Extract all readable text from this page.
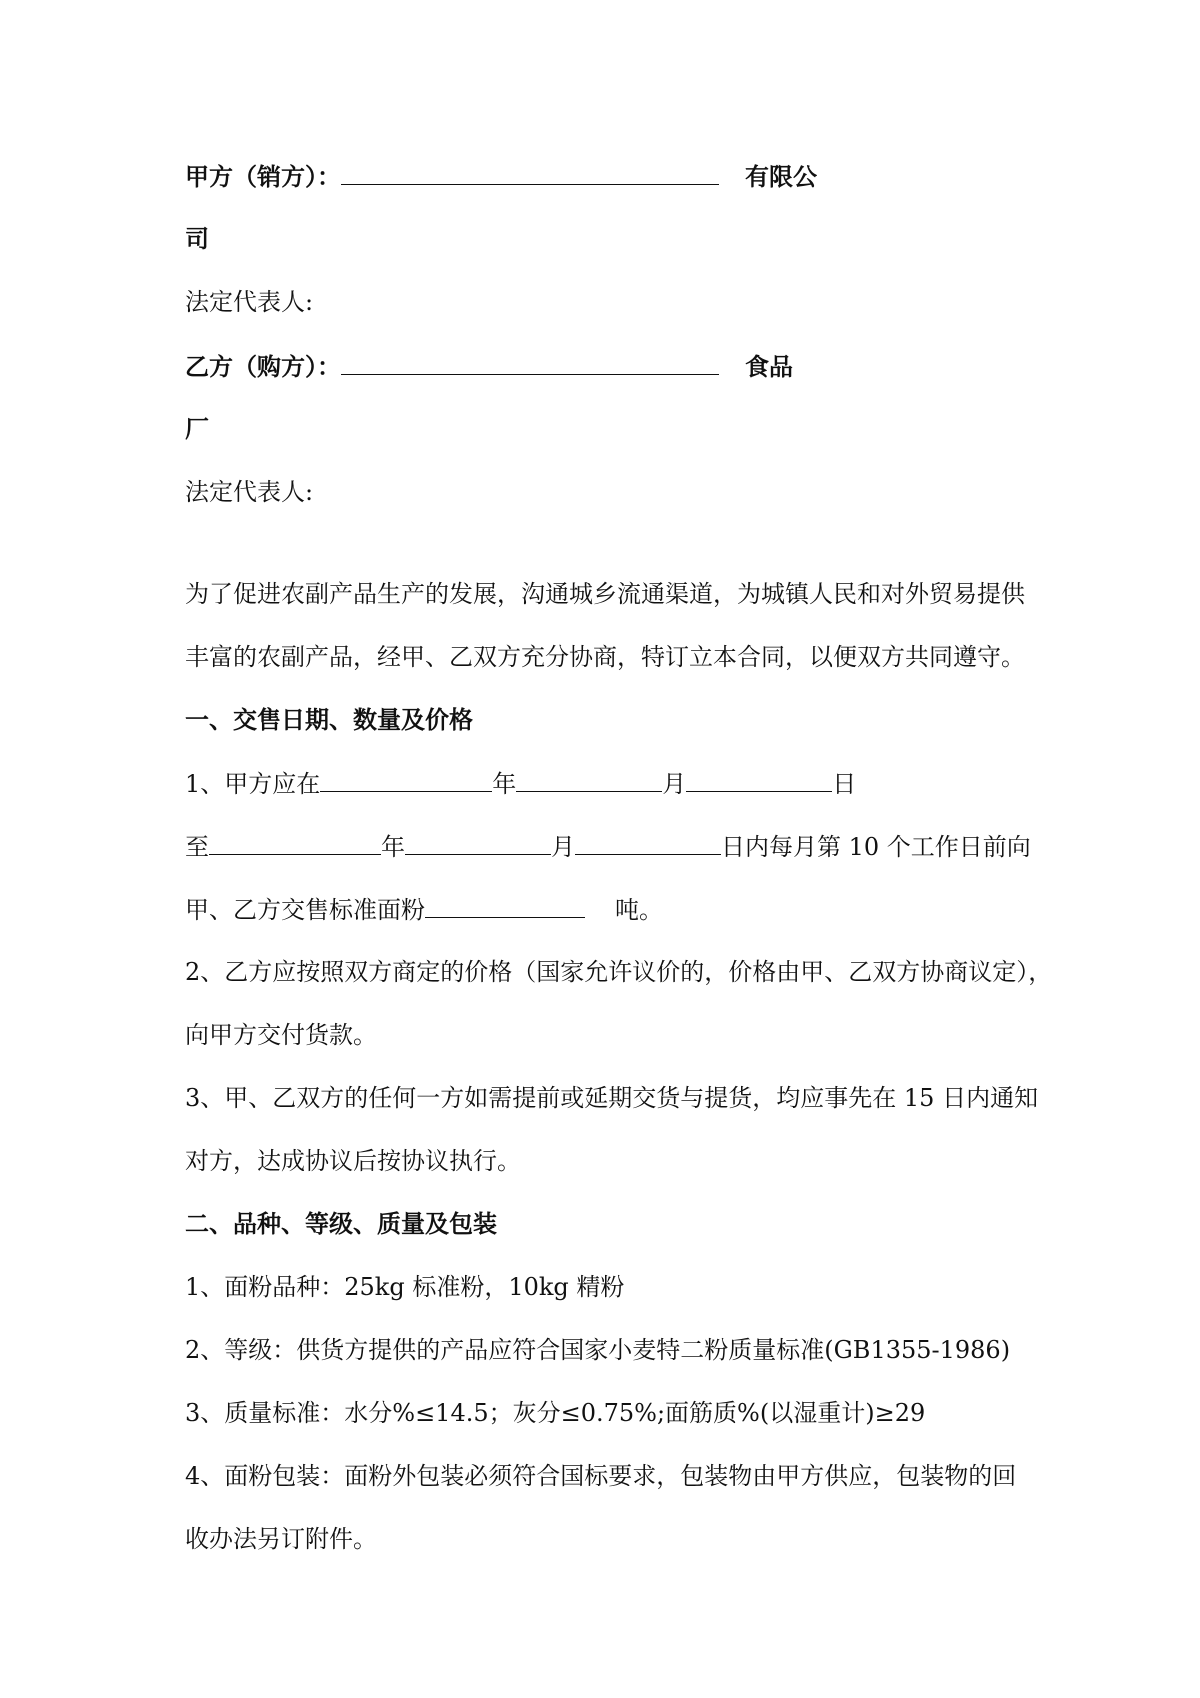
甲方（销方）：	有限公
司
法定代表人:
乙方（购方）：	食品
厂
法定代表人:
为了促进农副产品生产的发展，沟通城乡流通渠道，为城镇人民和对外贸易提供
丰富的农副产品，经甲、乙双方充分协商，特订立本合同，以便双方共同遵守。
一、交售日期、数量及价格
1、甲方应在	年	月	日
至	年	月	日内每月第 10 个工作日前向
甲、乙方交售标准面粉	吨。
2、乙方应按照双方商定的价格（国家允许议价的，价格由甲、乙双方协商议定），
向甲方交付货款。
3、甲、乙双方的任何一方如需提前或延期交货与提货，均应事先在 15 日内通知
对方，达成协议后按协议执行。
二、品种、等级、质量及包装
1、面粉品种：25kg 标准粉，10kg 精粉
2、等级：供货方提供的产品应符合国家小麦特二粉质量标准(GB1355-1986)
3、质量标准：水分%≤14.5；灰分≤0.75%;面筋质%(以湿重计)≥29
4、面粉包装：面粉外包装必须符合国标要求，包装物由甲方供应，包装物的回
收办法另订附件。
